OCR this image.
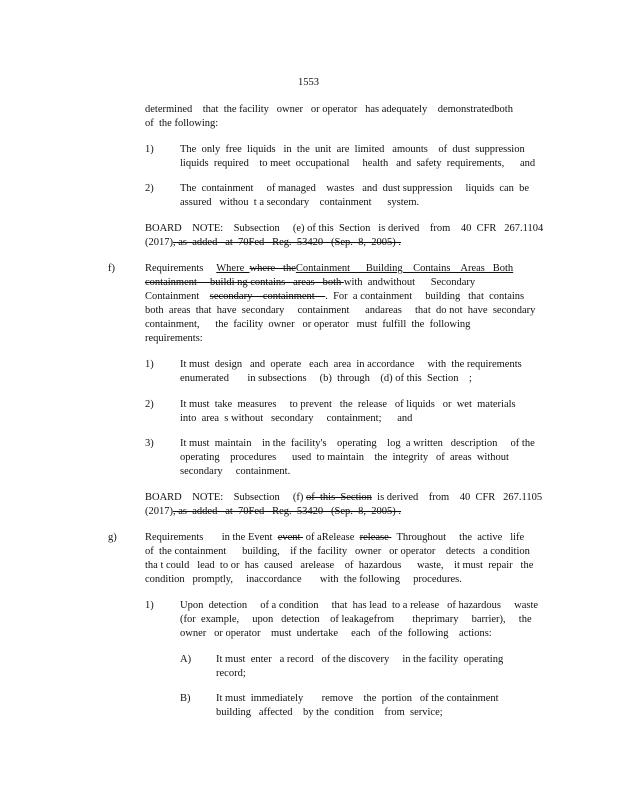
1553
determined    that  the facility   owner   or operator   has adequately    demonstratedboth
of  the following:
1)	The  only  free  liquids   in  the  unit  are  limited   amounts    of  dust  suppression
liquids  required    to meet  occupational     health   and  safety  requirements,      and
2)	The  containment     of managed    wastes   and  dust suppression     liquids  can  be
assured   withou  t a secondary    containment      system.
BOARD    NOTE:    Subsection     (e) of this  Section   is derived    from    40  CFR   267.1104
(2017), as  added   at  70Fed   Reg.  53420   (Sep.  8,  2005) .
f)	Requirements     Where  where   theContainment      Building    Contains    Areas   Both
containment     buildi ng contains   areas   both with  andwithout      Secondary
Containment    secondary    containment    .  For  a containment     building   that  contains
both  areas  that  have  secondary     containment      andareas     that  do not  have  secondary
containment,      the  facility  owner   or operator   must  fulfill  the  following
requirements:
1)	It must  design   and  operate   each  area  in accordance     with  the requirements
enumerated       in subsections     (b)  through    (d) of this  Section    ;
2)	It must  take  measures     to prevent   the  release   of liquids   or  wet  materials
into  area  s without   secondary     containment;      and
3)	It must  maintain    in the  facility's    operating    log  a written   description     of the
operating    procedures      used  to maintain    the  integrity   of  areas  without
secondary     containment.
BOARD    NOTE:    Subsection     (f) of  this  Section  is derived    from    40  CFR   267.1105
(2017), as  added   at  70Fed   Reg.  53420   (Sep.  8,  2005) .
g)	Requirements       in the Event  event  of aRelease  release   Throughout     the  active   life
of  the containment      building,    if the  facility   owner   or operator    detects   a condition
tha t could   lead  to or  has  caused   arelease    of  hazardous      waste,    it must  repair   the
condition   promptly,     inaccordance       with  the following     procedures.
1)	Upon  detection     of a condition     that  has lead  to a release   of hazardous     waste
(for  example,     upon   detection    of leakagefrom       theprimary     barrier),     the
owner   or operator    must  undertake     each   of the  following    actions:
A) It must  enter   a record   of the discovery     in the facility  operating
record;
B) It must  immediately       remove    the  portion   of the containment
building   affected    by the  condition    from  service;
